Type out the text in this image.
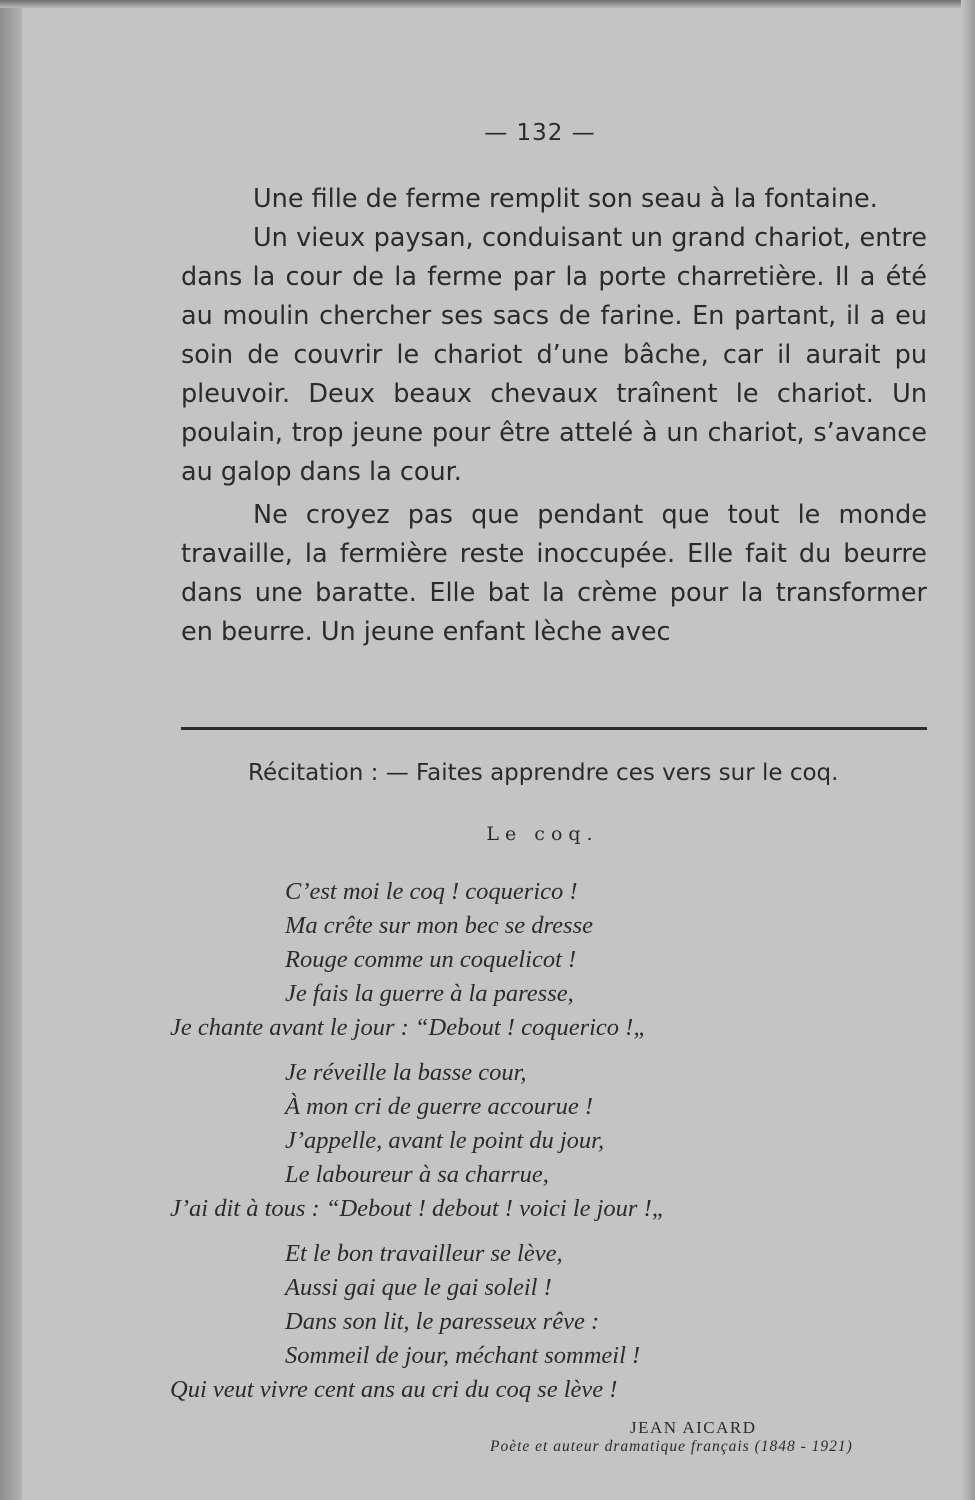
— 132 —

Une fille de ferme remplit son seau à la fontaine.

Un vieux paysan, conduisant un grand chariot, entre dans la cour de la ferme par la porte charretière. Il a été au moulin chercher ses sacs de farine. En partant, il a eu soin de couvrir le chariot d’une bâche, car il aurait pu pleuvoir. Deux beaux chevaux traînent le chariot. Un poulain, trop jeune pour être attelé à un chariot, s’avance au galop dans la cour.

Ne croyez pas que pendant que tout le monde travaille, la fermière reste inoccupée. Elle fait du beurre dans une baratte. Elle bat la crème pour la transformer en beurre. Un jeune enfant lèche avec

Récitation : — Faites apprendre ces vers sur le coq.
Le coq.
C’est moi le coq ! coquerico !
Ma crête sur mon bec se dresse
Rouge comme un coquelicot !
Je fais la guerre à la paresse,
Je chante avant le jour : “Debout ! coquerico !„
Je réveille la basse cour,
À mon cri de guerre accourue !
J’appelle, avant le point du jour,
Le laboureur à sa charrue,
J’ai dit à tous : “Debout ! debout ! voici le jour !„
Et le bon travailleur se lève,
Aussi gai que le gai soleil !
Dans son lit, le paresseux rêve :
Sommeil de jour, méchant sommeil !
Qui veut vivre cent ans au cri du coq se lève !
JEAN AICARD
Poète et auteur dramatique français (1848 - 1921)
